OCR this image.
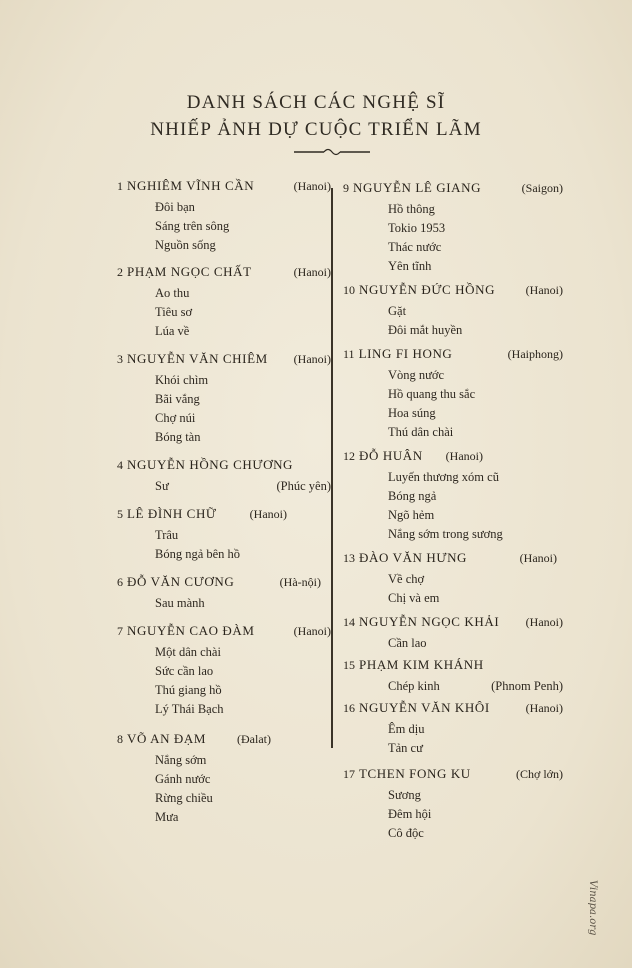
DANH SÁCH CÁC NGHỆ SĨ
NHIẾP ẢNH DỰ CUỘC TRIỂN LÃM
1 NGHIÊM VĨNH CẦN	(Hanoi)
Đôi bạn
Sáng trên sông
Nguồn sống
2 PHẠM NGỌC CHẤT	(Hanoi)
Ao thu
Tiêu sơ
Lúa về
3 NGUYỄN VĂN CHIÊM (Hanoi)
Khói chìm
Bãi vắng
Chợ núi
Bóng tàn
4 NGUYỄN HỒNG CHƯƠNG
Sư	(Phúc yên)
5 LÊ ĐÌNH CHỮ	(Hanoi)
Trâu
Bóng ngả bên hồ
6 ĐỖ VĂN CƯƠNG	(Hà-nội)
Sau mành
7 NGUYỄN CAO ĐÀM	(Hanoi)
Một dân chài
Sức cần lao
Thú giang hồ
Lý Thái Bạch
8 VÕ AN ĐẠM	(Đalat)
Nắng sớm
Gánh nước
Rừng chiều
Mưa
9 NGUYỄN LÊ GIANG	(Saigon)
Hồ thông
Tokio 1953
Thác nước
Yên tĩnh
10 NGUYỄN ĐỨC HỒNG	(Hanoi)
Gặt
Đôi mắt huyền
11 LING FI HONG	(Haiphong)
Vòng nước
Hồ quang thu sắc
Hoa súng
Thú dân chài
12 ĐỖ HUÂN (Hanoi)
Luyến thương xóm cũ
Bóng ngả
Ngõ hẻm
Nắng sớm trong sương
13 ĐÀO VĂN HƯNG	(Hanoi)
Về chợ
Chị và em
14 NGUYỄN NGỌC KHẢI (Hanoi)
Cần lao
15 PHẠM KIM KHÁNH
Chép kinh	(Phnom Penh)
16 NGUYỄN VĂN KHÔI	(Hanoi)
Êm dịu
Tản cư
17 TCHEN FONG KU	(Chợ lớn)
Sương
Đêm hội
Cô độc
Vinapa.org
